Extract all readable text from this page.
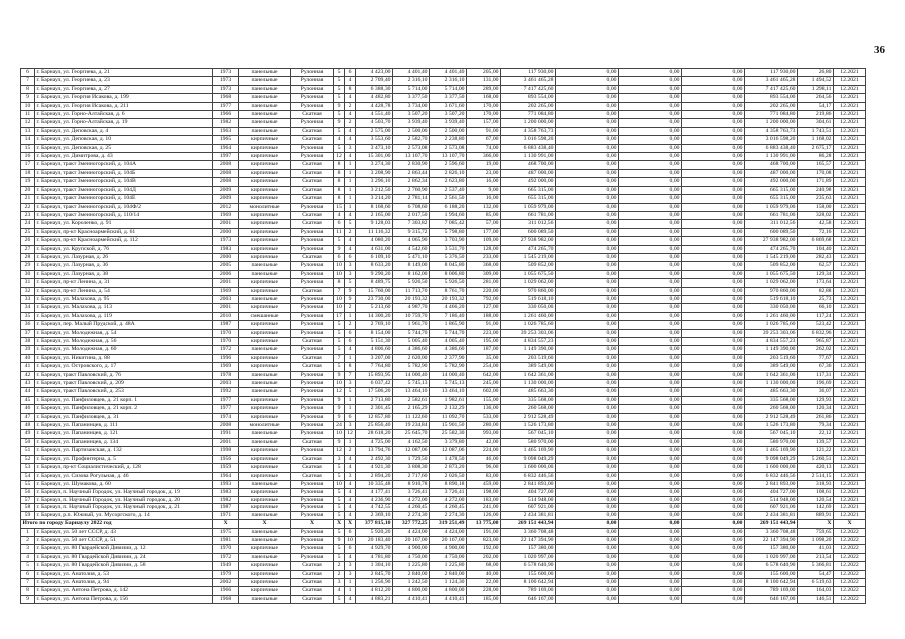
36
6	г. Барнаул, ул. Георгиева, д. 21	1973	панельные	Рулонная	5	6	4 423,00	4 401,40	4 401,40	205,00	117 930,00	0,00	0,00	0,00	117 930,00	26,80	12.2021
7	г. Барнаул, ул. Георгиева, д. 23	1973	панельные	Рулонная	5	4	2 709,40	2 316,10	2 316,10	131,00	3 461 465,28	0,00	0,00	0,00	3 461 465,28	1 494,52	12.2021
8	г. Барнаул, ул. Георгиева, д. 27	1973	панельные	Рулонная	5	8	6 388,30	5 714,00	5 714,00	289,00	7 417 425,60	0,00	0,00	0,00	7 417 425,60	1 298,11	12.2021
9	г. Барнаул, ул. Георгия Исакова, д. 199	1968	панельные	Рулонная	5	4	4 482,80	3 377,50	3 377,50	168,00	893 554,00	0,00	0,00	0,00	893 554,00	264,56	12.2021
10	г. Барнаул, ул. Георгия Исакова, д. 211	1977	панельные	Рулонная	9	2	4 428,78	3 734,00	3 671,60	170,00	202 265,00	0,00	0,00	0,00	202 265,00	54,17	12.2021
11	г. Барнаул, ул. Горно-Алтайская, д. 6	1966	панельные	Скатная	5	4	4 551,40	3 507,20	3 507,20	170,00	771 084,80	0,00	0,00	0,00	771 084,80	219,86	12.2021
12	г. Барнаул, ул. Горно-Алтайская, д. 19	1982	панельные	Рулонная	9	2	4 503,70	3 939,40	3 939,40	157,00	1 200 000,00	0,00	0,00	0,00	1 200 000,00	304,61	12.2021
13	г. Барнаул, ул. Деповская, д. 4	1963	панельные	Скатная	5	4	2 575,00	2 500,00	2 500,00	91,00	4 358 763,73	0,00	0,00	0,00	4 358 763,73	1 743,51	12.2021
14	г. Барнаул, ул. Деповская, д. 10	1965	кирпичные	Скатная	4	4	3 553,60	2 582,70	2 238,80	67,00	3 016 598,20	0,00	0,00	0,00	3 016 598,20	1 168,02	12.2021
15	г. Барнаул, ул. Деповская, д. 25	1964	кирпичные	Рулонная	5	3	3 473,10	2 573,08	2 573,08	74,00	6 883 438,40	0,00	0,00	0,00	6 883 438,40	2 675,17	12.2021
16	г. Барнаул, ул. Димитрова, д. 43	1997	кирпичные	Рулонная	12	4	15 301,00	13 107,70	13 107,70	366,00	1 130 991,00	0,00	0,00	0,00	1 130 991,00	86,28	12.2021
17	г. Барнаул, тракт Змеиногорский, д. 104А	2008	кирпичные	Скатная	8	1	3 274,30	2 830,90	2 596,60	19,00	468 700,00	0,00	0,00	0,00	468 700,00	165,57	12.2021
18	г. Барнаул, тракт Змеиногорский, д. 104Б	2008	кирпичные	Скатная	8	1	3 208,90	2 863,44	2 826,10	23,00	487 000,00	0,00	0,00	0,00	487 000,00	170,08	12.2021
19	г. Барнаул, тракт Змеиногорский, д. 104В	2008	кирпичные	Скатная	8	1	3 296,10	2 862,34	2 623,80	16,00	492 000,00	0,00	0,00	0,00	492 000,00	171,89	12.2021
20	г. Барнаул, тракт Змеиногорский, д. 104Д	2009	кирпичные	Скатная	8	1	3 212,50	2 760,90	2 537,40	9,00	665 315,00	0,00	0,00	0,00	665 315,00	240,98	12.2021
21	г. Барнаул, тракт Змеиногорский, д. 104Е	2009	кирпичные	Скатная	8	1	3 214,20	2 781,14	2 561,50	16,00	655 315,00	0,00	0,00	0,00	655 315,00	235,63	12.2021
22	г. Барнаул, тракт Змеиногорский, д. 104Ф/2	2012	монолитные	Рулонная	15	1	8 168,60	6 708,60	6 188,20	132,00	1 059 979,00	0,00	0,00	0,00	1 059 979,00	158,00	12.2021
23	г. Барнаул, тракт Змеиногорский, д. 110/14	1969	кирпичные	Скатная	4	4	2 165,00	2 017,50	1 994,60	85,00	661 781,00	0,00	0,00	0,00	661 781,00	328,02	12.2021
24	г. Барнаул, ул. Короленко, д. 91	2001	кирпичные	Скатная	6	5	9 128,03	7 303,82	7 085,42	57,00	311 012,56	0,00	0,00	0,00	311 012,56	42,58	12.2021
25	г. Барнаул, пр-кт Красноармейский, д. 61	2000	кирпичные	Рулонная	11	2	11 116,32	9 315,72	5 798,80	177,00	600 089,50	0,00	0,00	0,00	600 089,50	72,16	12.2021
26	г. Барнаул, пр-кт Красноармейский, д. 112	1973	кирпичные	Рулонная	5	4	4 080,20	4 065,90	3 703,90	109,00	27 938 982,00	0,00	0,00	0,00	27 938 982,00	6 869,68	12.2021
27	г. Барнаул, ул. Крупской, д. 76	1983	кирпичные	Рулонная	9	4	4 631,00	4 542,60	3 531,70	128,00	474 265,70	0,00	0,00	0,00	474 265,70	104,40	12.2021
28	г. Барнаул, ул. Лазурная, д. 26	2000	кирпичные	Скатная	6	6	6 109,10	5 471,10	5 376,50	233,00	1 545 219,00	0,00	0,00	0,00	1 545 219,00	282,43	12.2021
29	г. Барнаул, ул. Лазурная, д. 36	2005	панельные	Рулонная	10	3	8 633,20	8 149,00	8 045,80	368,00	509 852,00	0,00	0,00	0,00	509 852,00	62,57	12.2021
30	г. Барнаул, ул. Лазурная, д. 38	2006	панельные	Рулонная	10	3	9 290,20	8 162,00	8 006,80	309,00	1 055 675,50	0,00	0,00	0,00	1 055 675,50	129,34	12.2021
31	г. Барнаул, пр-кт Ленина, д. 31	2001	кирпичные	Рулонная	8	5	8 489,75	5 926,50	5 926,50	281,00	1 029 062,00	0,00	0,00	0,00	1 029 062,00	173,64	12.2021
32	г. Барнаул, пр-кт Ленина, д. 54	1969	кирпичные	Скатная	7	9	15 760,00	11 713,70	8 761,70	220,00	970 860,00	0,00	0,00	0,00	970 860,00	82,88	12.2021
33	г. Барнаул, ул. Малахова, д. 95	2003	панельные	Рулонная	10	9	23 730,00	20 193,32	20 193,32	792,00	519 618,10	0,00	0,00	0,00	519 618,10	25,73	12.2021
34	г. Барнаул, ул. Малахова, д. 113	2001	кирпичные	Рулонная	10	2	5 213,60	4 987,70	4 466,20	127,00	330 050,00	0,00	0,00	0,00	330 050,00	66,10	12.2021
35	г. Барнаул, ул. Малахова, д. 119	2010	смешанные	Рулонная	17	1	14 300,20	10 759,70	7 186,40	188,00	1 261 460,00	0,00	0,00	0,00	1 261 460,00	117,24	12.2021
36	г. Барнаул, пер. Малый Прудской, д. 48А	1987	кирпичные	Рулонная	5	2	2 769,10	1 961,70	1 865,90	91,00	1 026 785,60	0,00	0,00	0,00	1 026 785,60	523,42	12.2021
37	г. Барнаул, ул. Молодежная, д. 54	1970	кирпичные	Рулонная	5	6	8 154,00	5 744,70	5 744,70	223,00	39 253 303,06	0,00	0,00	0,00	39 253 303,06	6 832,96	12.2021
38	г. Барнаул, ул. Молодежная, д. 56	1970	кирпичные	Скатная	5	6	5 151,30	5 005,40	4 005,40	195,00	4 834 557,23	0,00	0,00	0,00	4 834 557,23	965,87	12.2021
39	г. Барнаул, ул. Молодежная, д. 60	1972	панельные	Рулонная	5	4	4 806,60	4 386,60	4 386,60	187,00	1 149 390,00	0,00	0,00	0,00	1 149 390,00	262,02	12.2021
40	г. Барнаул, ул. Никитина, д. 88	1996	кирпичные	Скатная	7	1	3 207,00	2 620,00	2 377,90	35,00	203 519,60	0,00	0,00	0,00	203 519,60	77,67	12.2021
41	г. Барнаул, ул. Островского, д. 17	1969	кирпичные	Скатная	5	8	7 764,80	5 782,90	5 782,90	254,00	389 549,00	0,00	0,00	0,00	389 549,00	67,36	12.2021
42	г. Барнаул, тракт Павловский, д. 76	1978	панельные	Рулонная	9	7	15 893,95	14 000,40	14 000,40	642,00	1 642 361,00	0,00	0,00	0,00	1 642 361,00	117,31	12.2021
43	г. Барнаул, тракт Павловский, д. 209	2003	панельные	Рулонная	10	3	6 037,42	5 745,13	5 745,13	245,00	1 130 000,00	0,00	0,00	0,00	1 130 000,00	196,69	12.2021
44	г. Барнаул, тракт Павловский, д. 253	1992	панельные	Рулонная	12	5	17 506,20	13 464,10	13 464,10	602,00	485 663,30	0,00	0,00	0,00	485 663,30	36,07	12.2021
45	г. Барнаул, ул. Панфиловцев, д. 21 корп. 1	1977	кирпичные	Рулонная	9	1	2 713,80	2 582,61	1 982,61	155,00	335 568,00	0,00	0,00	0,00	335 568,00	129,93	12.2021
46	г. Барнаул, ул. Панфиловцев, д. 21 корп. 2	1977	кирпичные	Рулонная	9	1	2 301,45	2 165,29	2 132,29	136,00	260 568,00	0,00	0,00	0,00	260 568,00	120,34	12.2021
47	г. Барнаул, ул. Панфиловцев, д. 31	1974	кирпичные	Рулонная	9	6	12 857,80	11 122,60	11 092,70	533,00	2 912 528,49	0,00	0,00	0,00	2 912 528,49	261,86	12.2021
48	г. Барнаул, ул. Папанинцев, д. 111	2008	монолитные	Рулонная	24	3	25 856,40	19 234,84	15 901,50	280,00	1 526 173,80	0,00	0,00	0,00	1 526 173,80	79,34	12.2021
49	г. Барнаул, ул. Папанинцев, д. 121	1991	панельные	Рулонная	10	12	28 618,20	25 645,70	25 582,30	993,00	567 045,10	0,00	0,00	0,00	567 045,10	22,12	12.2021
50	г. Барнаул, ул. Папанинцев, д. 134	2001	панельные	Скатная	9	1	4 725,00	4 162,50	3 379,80	42,00	580 970,00	0,00	0,00	0,00	580 970,00	139,57	12.2021
51	г. Барнаул, ул. Партизанская, д. 132	1998	кирпичные	Рулонная	12	2	13 794,76	12 087,06	12 087,06	224,00	1 465 169,90	0,00	0,00	0,00	1 465 169,90	121,22	12.2021
52	г. Барнаул, ул. Профинтерна, д. 5	1956	кирпичные	Скатная	3	4	2 492,30	1 729,50	1 478,50	46,00	9 098 049,29	0,00	0,00	0,00	9 098 049,29	5 260,51	12.2021
53	г. Барнаул, пр-кт Социалистический, д. 128	1959	кирпичные	Скатная	5	4	4 921,30	3 808,30	2 873,20	96,00	1 600 000,00	0,00	0,00	0,00	1 600 000,00	420,13	12.2021
54	г. Барнаул, ул. Сизова Рогульная, д. 46	1964	кирпичные	Скатная	5	3	2 894,20	2 717,60	2 026,50	83,00	6 832 446,56	0,00	0,00	0,00	6 832 446,56	2 514,15	12.2021
55	г. Барнаул, ул. Шумакова, д. 60	1993	панельные	Рулонная	10	4	10 335,48	8 910,78	8 890,18	459,00	2 841 893,00	0,00	0,00	0,00	2 841 893,00	318,93	12.2021
56	г. Барнаул, п. Научный Городок, ул. Научный городок, д. 19	1983	кирпичные	Рулонная	5	4	4 177,41	3 726,41	3 726,41	198,00	404 727,00	0,00	0,00	0,00	404 727,00	108,61	12.2021
57	г. Барнаул, п. Научный Городок, ул. Научный городок, д. 20	1982	кирпичные	Рулонная	5	4	4 236,90	4 272,00	4 272,00	183,00	514 948,00	0,00	0,00	0,00	514 948,00	120,54	12.2021
58	г. Барнаул, п. Научный Городок, ул. Научный городок, д. 21	1987	кирпичные	Рулонная	5	4	4 742,55	4 260,45	4 260,45	241,00	607 921,00	0,00	0,00	0,00	607 921,00	142,69	12.2021
59	г. Барнаул, р.п. Южный, ул. Мусоргского, д. 14	1971	панельные	Рулонная	5	4	2 369,10	2 274,30	2 274,30	126,00	2 434 381,81	0,00	0,00	0,00	2 434 381,81	889,91	12.2021
Итого по городу Барнаулу 2022 год		X	X	X	X	X	377 815,10	327 772,25	319 251,49	13 775,00	269 151 443,94	0,00	0,00	0,00	269 151 443,94	X	X
1	г. Барнаул, ул. 50 лет СССР, д. 43	1975	панельные	Рулонная	5	6	5 920,20	4 424,00	4 424,00	191,00	3 360 708,48	0,00	0,00	0,00	3 360 708,48	759,65	12.2022
2	г. Барнаул, ул. 50 лет СССР, д. 51	1981	панельные	Рулонная	9	10	20 183,40	20 167,00	20 167,00	823,00	22 147 394,90	0,00	0,00	0,00	22 147 394,90	1 098,20	12.2022
3	г. Барнаул, ул. 80 Гвардейской Дивизии, д. 12	1970	кирпичные	Рулонная	5	6	4 929,70	4 900,00	4 900,00	192,00	157 380,00	0,00	0,00	0,00	157 380,00	41,03	12.2022
4	г. Барнаул, ул. 80 Гвардейской Дивизии, д. 24	1972	панельные	Рулонная	5	4	4 781,80	4 750,00	4 750,00	202,00	1 020 997,00	0,00	0,00	0,00	1 020 997,00	213,54	12.2022
5	г. Барнаул, ул. 80 Гвардейской Дивизии, д. 58	1949	кирпичные	Скатная	2	3	1 304,10	1 225,80	1 225,80	68,00	6 578 640,90	0,00	0,00	0,00	6 578 640,90	5 366,81	12.2022
6	г. Барнаул, ул. Анатолия, д. 53	1979	кирпичные	Скатная	2	3	2 845,70	2 840,00	2 840,00	40,00	155 600,00	0,00	0,00	0,00	155 600,00	54,47	12.2022
7	г. Барнаул, ул. Анатолия, д. 94	2002	кирпичные	Скатная	3	1	1 256,90	1 242,50	1 124,30	22,00	8 100 642,94	0,00	0,00	0,00	8 100 642,94	6 519,63	12.2022
8	г. Барнаул, ул. Антона Петрова, д. 142	1966	кирпичные	Скатная	4	1	4 812,20	4 800,00	4 800,00	228,00	789 169,00	0,00	0,00	0,00	789 169,00	164,03	12.2022
9	г. Барнаул, ул. Антона Петрова, д. 156	1968	панельные	Скатная	5	4	4 883,21	4 410,41	4 410,41	185,00	646 167,00	0,00	0,00	0,00	646 167,00	146,51	12.2022
